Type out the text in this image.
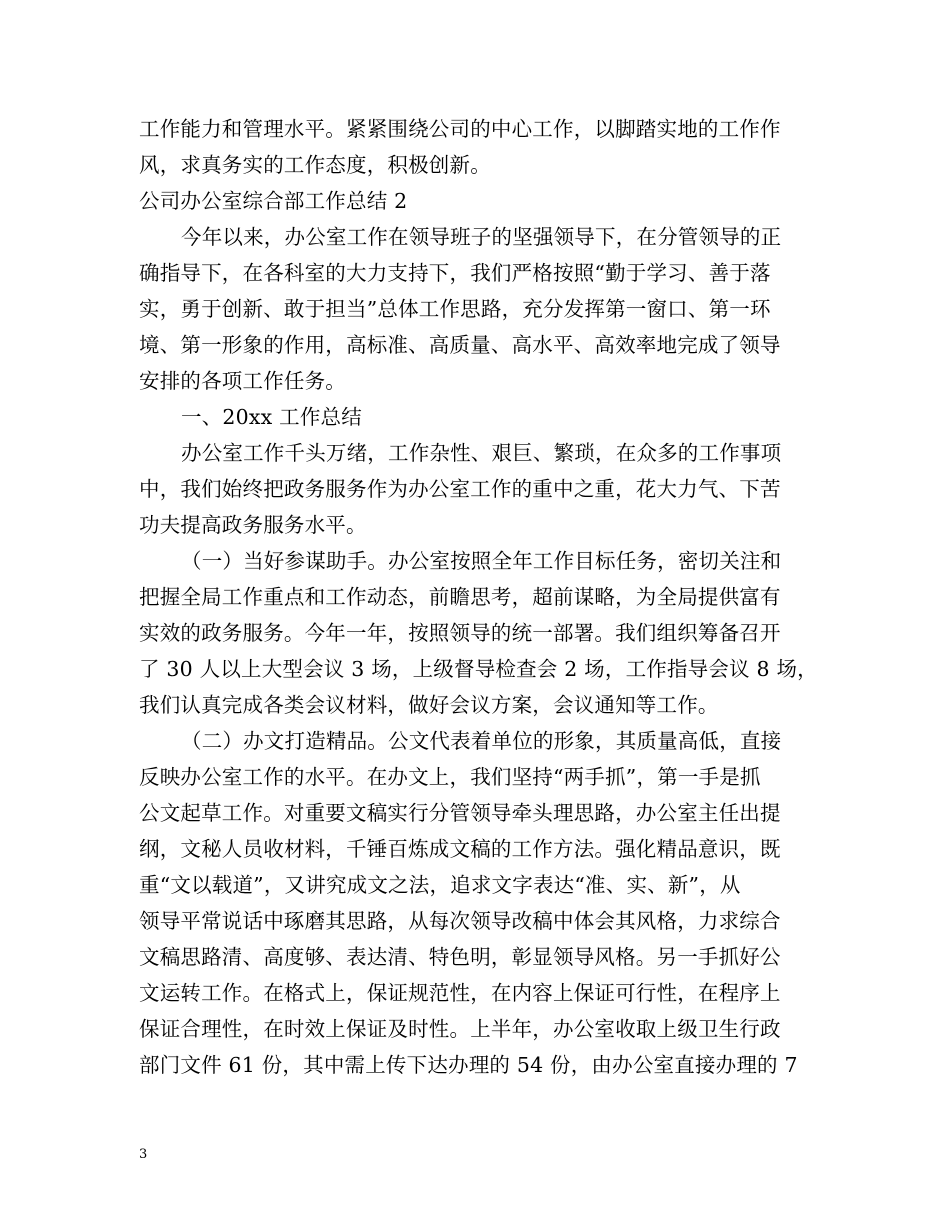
工作能力和管理水平。紧紧围绕公司的中心工作，以脚踏实地的工作作
风，求真务实的工作态度，积极创新。
公司办公室综合部工作总结 2
今年以来，办公室工作在领导班子的坚强领导下，在分管领导的正
确指导下，在各科室的大力支持下，我们严格按照“勤于学习、善于落
实，勇于创新、敢于担当”总体工作思路，充分发挥第一窗口、第一环
境、第一形象的作用，高标准、高质量、高水平、高效率地完成了领导
安排的各项工作任务。
一、20xx 工作总结
办公室工作千头万绪，工作杂性、艰巨、繁琐，在众多的工作事项
中，我们始终把政务服务作为办公室工作的重中之重，花大力气、下苦
功夫提高政务服务水平。
（一）当好参谋助手。办公室按照全年工作目标任务，密切关注和
把握全局工作重点和工作动态，前瞻思考，超前谋略，为全局提供富有
实效的政务服务。今年一年，按照领导的统一部署。我们组织筹备召开
了 30 人以上大型会议 3 场，上级督导检查会 2 场，工作指导会议 8 场，
我们认真完成各类会议材料，做好会议方案，会议通知等工作。
（二）办文打造精品。公文代表着单位的形象，其质量高低，直接
反映办公室工作的水平。在办文上，我们坚持“两手抓”，第一手是抓
公文起草工作。对重要文稿实行分管领导牵头理思路，办公室主任出提
纲，文秘人员收材料，千锤百炼成文稿的工作方法。强化精品意识，既
重“文以载道”，又讲究成文之法，追求文字表达“准、实、新”，从
领导平常说话中琢磨其思路，从每次领导改稿中体会其风格，力求综合
文稿思路清、高度够、表达清、特色明，彰显领导风格。另一手抓好公
文运转工作。在格式上，保证规范性，在内容上保证可行性，在程序上
保证合理性，在时效上保证及时性。上半年，办公室收取上级卫生行政
部门文件 61 份，其中需上传下达办理的 54 份，由办公室直接办理的 7
3
